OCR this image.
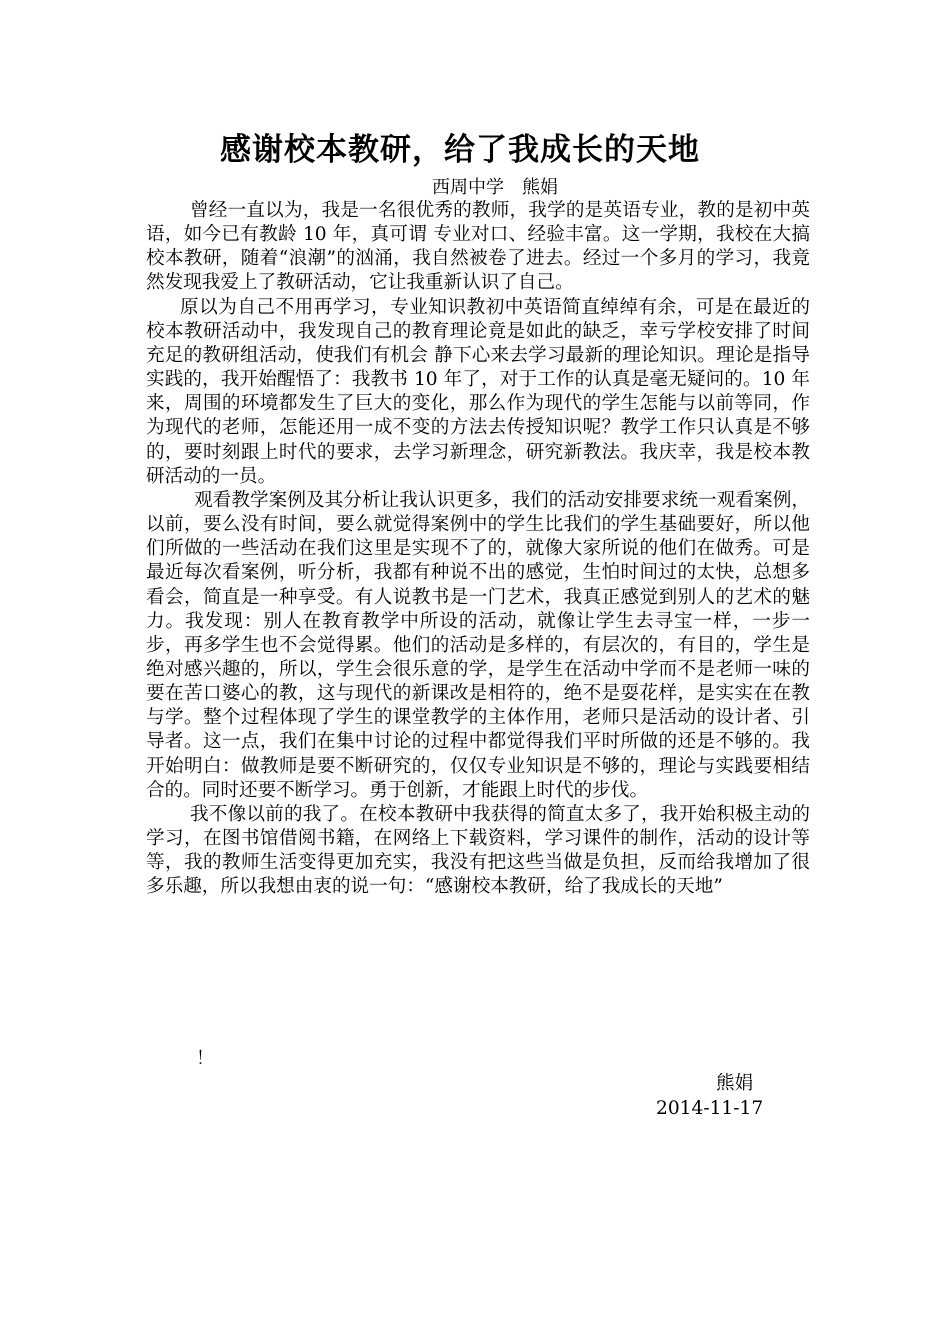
感谢校本教研，给了我成长的天地
西周中学　熊娟

曾经一直以为，我是一名很优秀的教师，我学的是英语专业，教的是初中英语，如今已有教龄 10 年，真可谓 专业对口、经验丰富。这一学期，我校在大搞校本教研，随着“浪潮”的汹涌，我自然被卷了进去。经过一个多月的学习，我竟然发现我爱上了教研活动，它让我重新认识了自己。

原以为自己不用再学习，专业知识教初中英语简直绰绰有余，可是在最近的校本教研活动中，我发现自己的教育理论竟是如此的缺乏，幸亏学校安排了时间充足的教研组活动，使我们有机会 静下心来去学习最新的理论知识。理论是指导实践的，我开始醒悟了：我教书 10 年了，对于工作的认真是毫无疑问的。10 年来，周围的环境都发生了巨大的变化，那么作为现代的学生怎能与以前等同，作为现代的老师，怎能还用一成不变的方法去传授知识呢？教学工作只认真是不够的，要时刻跟上时代的要求，去学习新理念，研究新教法。我庆幸，我是校本教研活动的一员。

观看教学案例及其分析让我认识更多，我们的活动安排要求统一观看案例，以前，要么没有时间，要么就觉得案例中的学生比我们的学生基础要好，所以他们所做的一些活动在我们这里是实现不了的，就像大家所说的他们在做秀。可是最近每次看案例，听分析，我都有种说不出的感觉，生怕时间过的太快，总想多看会，简直是一种享受。有人说教书是一门艺术，我真正感觉到别人的艺术的魅力。我发现：别人在教育教学中所设的活动，就像让学生去寻宝一样，一步一步，再多学生也不会觉得累。他们的活动是多样的，有层次的，有目的，学生是绝对感兴趣的，所以，学生会很乐意的学，是学生在活动中学而不是老师一味的要在苦口婆心的教，这与现代的新课改是相符的，绝不是耍花样，是实实在在教与学。整个过程体现了学生的课堂教学的主体作用，老师只是活动的设计者、引导者。这一点，我们在集中讨论的过程中都觉得我们平时所做的还是不够的。我开始明白：做教师是要不断研究的，仅仅专业知识是不够的，理论与实践要相结合的。同时还要不断学习。勇于创新，才能跟上时代的步伐。

我不像以前的我了。在校本教研中我获得的简直太多了，我开始积极主动的学习，在图书馆借阅书籍，在网络上下载资料，学习课件的制作，活动的设计等等，我的教师生活变得更加充实，我没有把这些当做是负担，反而给我增加了很多乐趣，所以我想由衷的说一句：“感谢校本教研，给了我成长的天地”

！
熊娟
2014-11-17
